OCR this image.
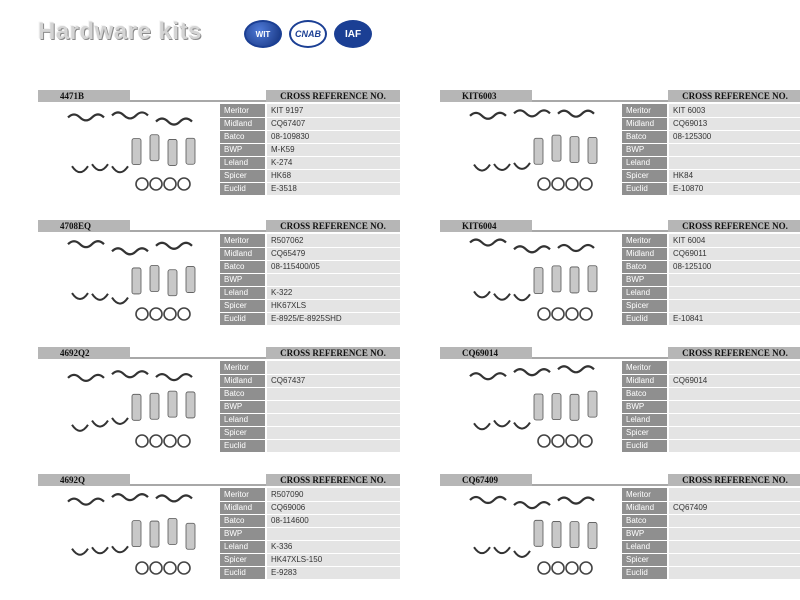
Hardware kits	WIT	CNAB	IAF
4471B	CROSS REFERENCE NO.
Meritor	KIT 9197
Midland	CQ67407
Batco	08-109830
BWP	M-K59
Leland	K-274
Spicer	HK68
Euclid	E-3518
KIT6003	CROSS REFERENCE NO.
Meritor	KIT 6003
Midland	CQ69013
Batco	08-125300
BWP	
Leland	
Spicer	HK84
Euclid	E-10870
4708EQ	CROSS REFERENCE NO.
Meritor	R507062
Midland	CQ65479
Batco	08-115400/05
BWP	
Leland	K-322
Spicer	HK67XLS
Euclid	E-8925/E-8925SHD
KIT6004	CROSS REFERENCE NO.
Meritor	KIT 6004
Midland	CQ69011
Batco	08-125100
BWP	
Leland	
Spicer	
Euclid	E-10841
4692Q2	CROSS REFERENCE NO.
Meritor	
Midland	CQ67437
Batco	
BWP	
Leland	
Spicer	
Euclid	
CQ69014	CROSS REFERENCE NO.
Meritor	
Midland	CQ69014
Batco	
BWP	
Leland	
Spicer	
Euclid	
4692Q	CROSS REFERENCE NO.
Meritor	R507090
Midland	CQ69006
Batco	08-114600
BWP	
Leland	K-336
Spicer	HK47XLS-150
Euclid	E-9283
CQ67409	CROSS REFERENCE NO.
Meritor	
Midland	CQ67409
Batco	
BWP	
Leland	
Spicer	
Euclid	
